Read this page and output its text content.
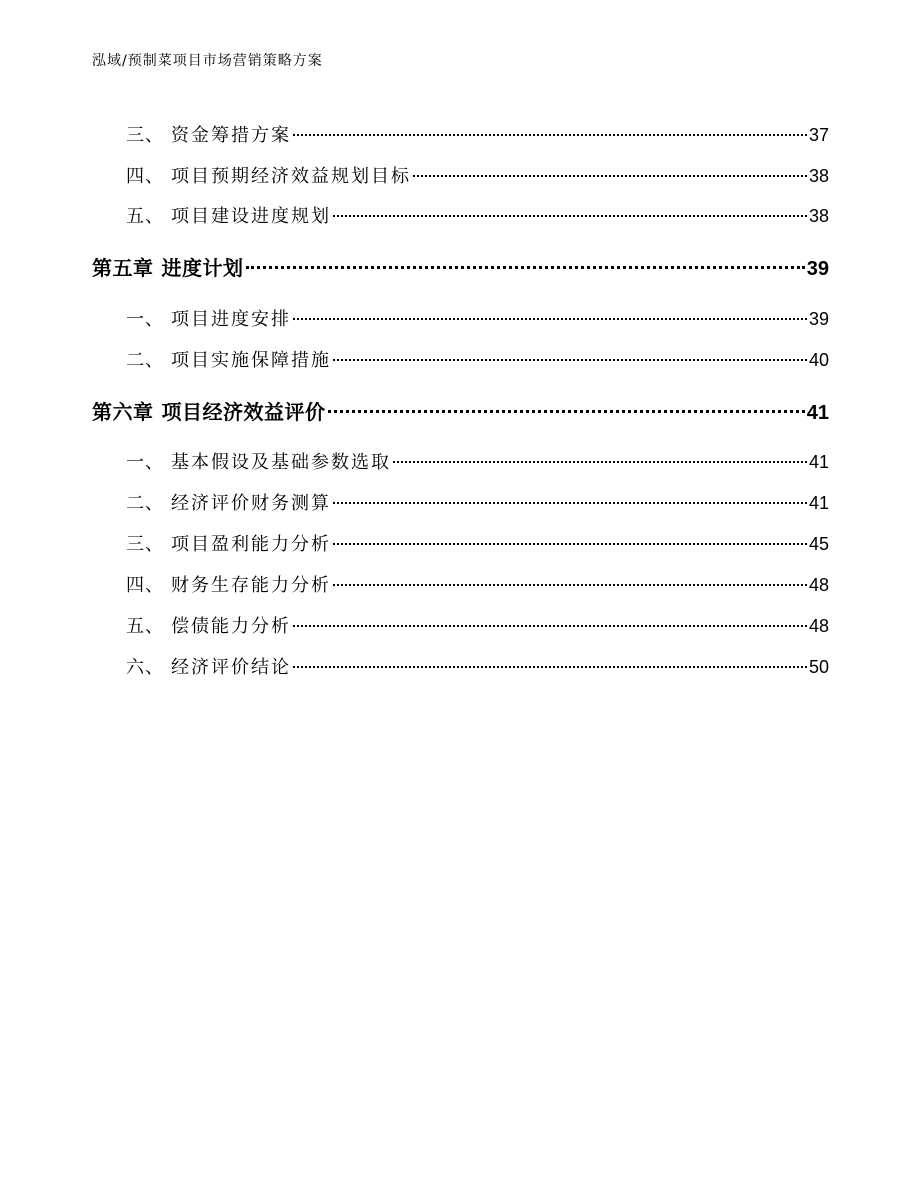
泓域/预制菜项目市场营销策略方案
三、 资金筹措方案	37
四、 项目预期经济效益规划目标	38
五、 项目建设进度规划	38
第五章 进度计划	39
一、 项目进度安排	39
二、 项目实施保障措施	40
第六章 项目经济效益评价	41
一、 基本假设及基础参数选取	41
二、 经济评价财务测算	41
三、 项目盈利能力分析	45
四、 财务生存能力分析	48
五、 偿债能力分析	48
六、 经济评价结论	50
